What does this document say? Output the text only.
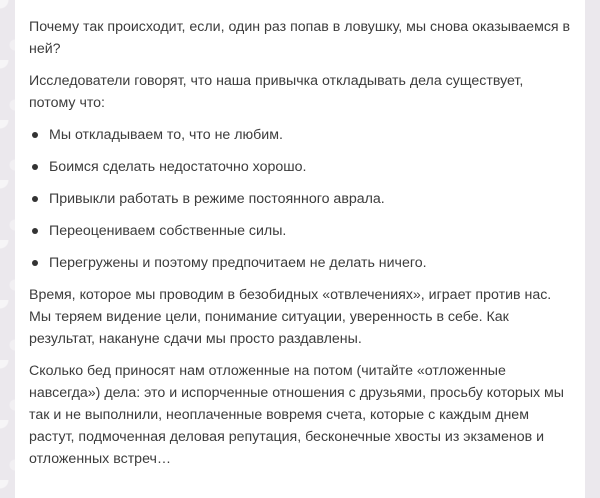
Почему так происходит, если, один раз попав в ловушку, мы снова оказываемся в ней?

Исследователи говорят, что наша привычка откладывать дела существует, потому что:

Мы откладываем то, что не любим.
Боимся сделать недостаточно хорошо.
Привыкли работать в режиме постоянного аврала.
Переоцениваем собственные силы.
Перегружены и поэтому предпочитаем не делать ничего.

Время, которое мы проводим в безобидных «отвлечениях», играет против нас. Мы теряем видение цели, понимание ситуации, уверенность в себе. Как результат, накануне сдачи мы просто раздавлены.

Сколько бед приносят нам отложенные на потом (читайте «отложенные навсегда») дела: это и испорченные отношения с друзьями, просьбу которых мы так и не выполнили, неоплаченные вовремя счета, которые с каждым днем растут, подмоченная деловая репутация, бесконечные хвосты из экзаменов и отложенных встреч…
